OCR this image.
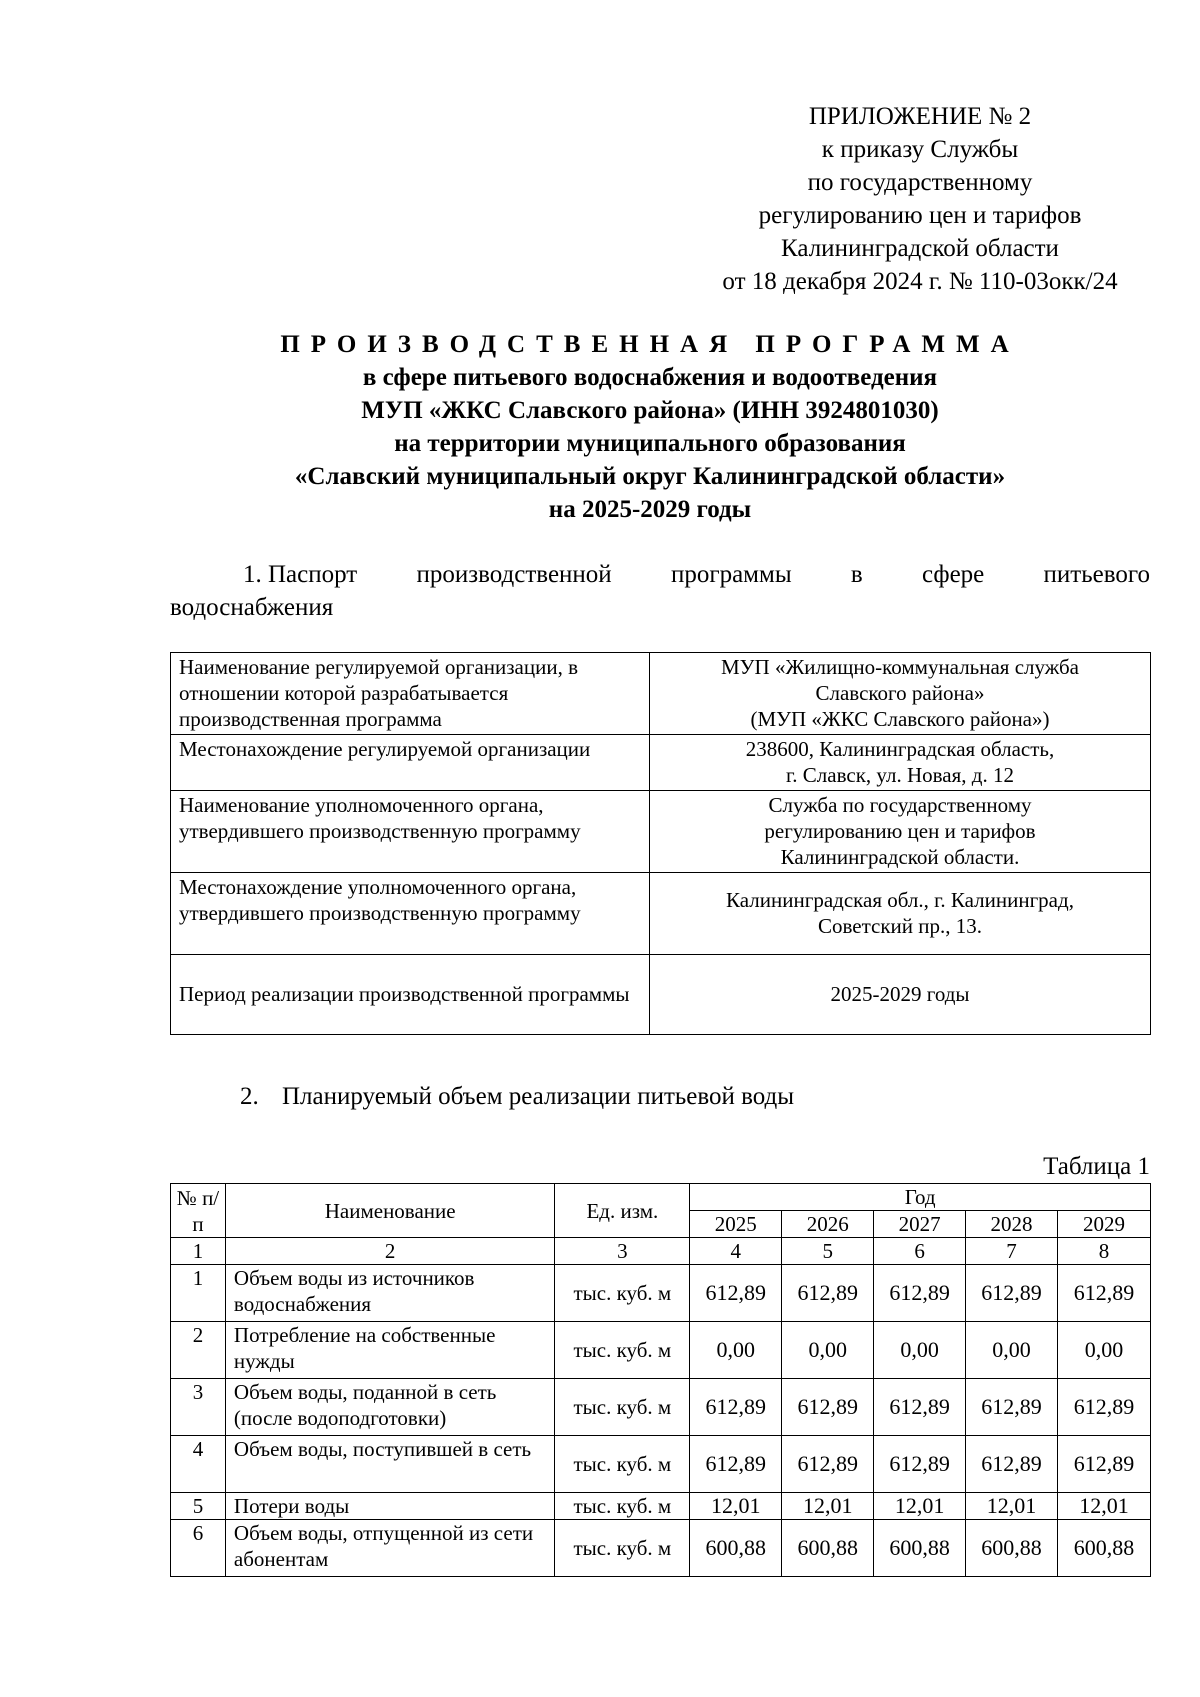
ПРИЛОЖЕНИЕ № 2
к приказу Службы
по государственному
регулированию цен и тарифов
Калининградской области
от 18 декабря 2024 г. № 110-03окк/24
ПРОИЗВОДСТВЕННАЯ ПРОГРАММА
в сфере питьевого водоснабжения и водоотведения
МУП «ЖКС Славского района» (ИНН 3924801030)
на территории муниципального образования
«Славский муниципальный округ Калининградской области»
на 2025-2029 годы
1. Паспорт производственной программы в сфере питьевого
водоснабжения
Наименование регулируемой организации, в отношении которой разрабатывается производственная программа	МУП «Жилищно-коммунальная служба
Славского района»
(МУП «ЖКС Славского района»)

Местонахождение регулируемой организации	238600, Калининградская область,
г. Славск, ул. Новая, д. 12

Наименование уполномоченного органа, утвердившего производственную программу	Служба по государственному
регулированию цен и тарифов
Калининградской области.

Местонахождение уполномоченного органа, утвердившего производственную программу	Калининградская обл., г. Калининград,
Советский пр., 13.

Период реализации производственной программы	2025-2029 годы
2. Планируемый объем реализации питьевой воды
Таблица 1
№ п/п	Наименование	Ед. изм.	Год				
			2025	2026	2027	2028	2029
1	2	3	4	5	6	7	8
1	Объем воды из источников водоснабжения	тыс. куб. м	612,89	612,89	612,89	612,89	612,89
2	Потребление на собственные нужды	тыс. куб. м	0,00	0,00	0,00	0,00	0,00
3	Объем воды, поданной в сеть (после водоподготовки)	тыс. куб. м	612,89	612,89	612,89	612,89	612,89
4	Объем воды, поступившей в сеть	тыс. куб. м	612,89	612,89	612,89	612,89	612,89
5	Потери воды	тыс. куб. м	12,01	12,01	12,01	12,01	12,01
6	Объем воды, отпущенной из сети абонентам	тыс. куб. м	600,88	600,88	600,88	600,88	600,88
